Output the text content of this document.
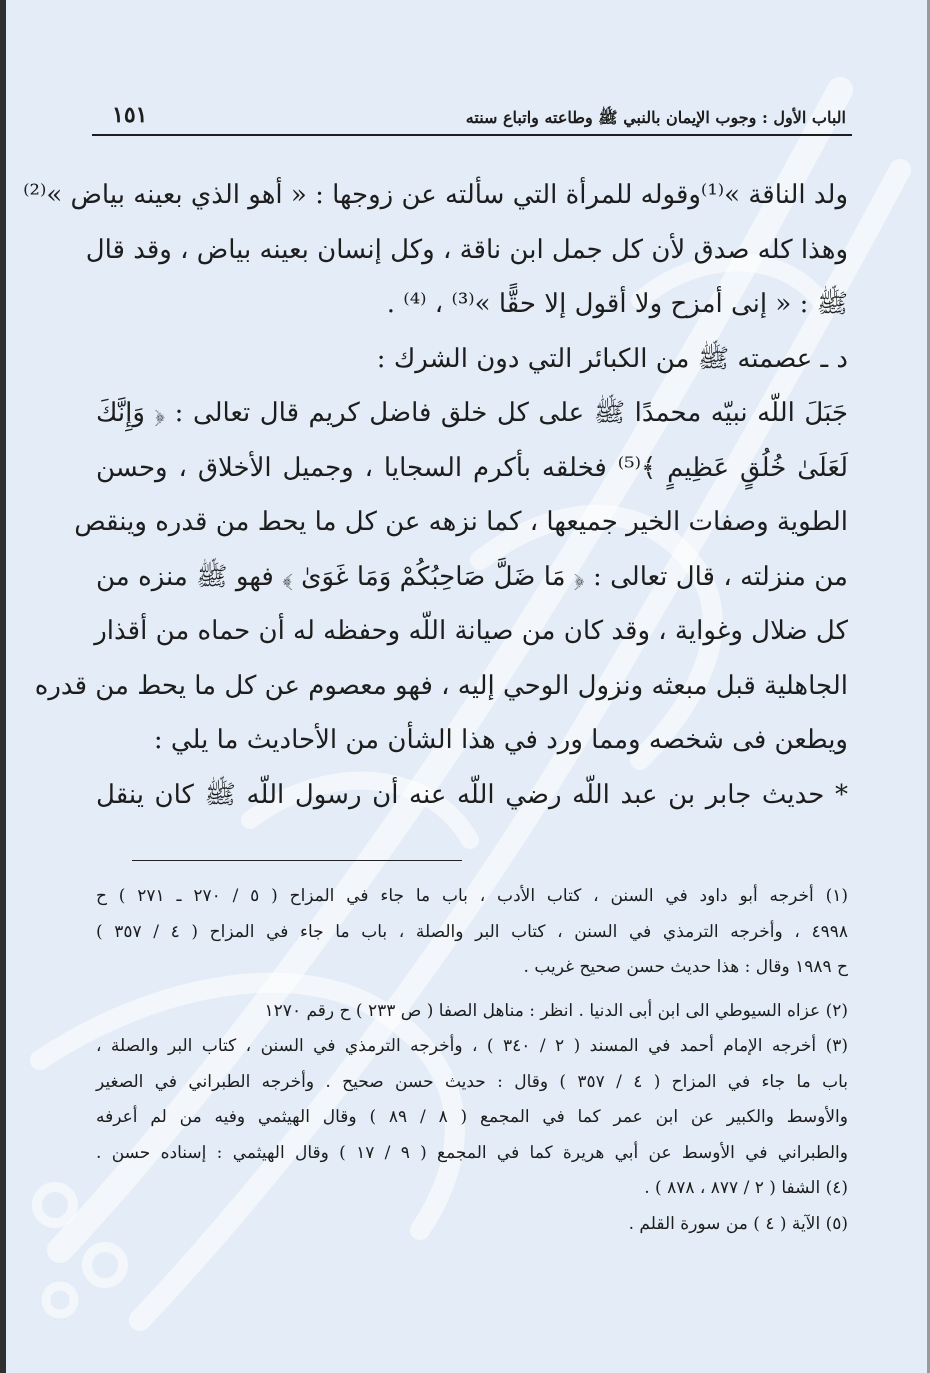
الباب الأول : وجوب الإيمان بالنبي ﷺ وطاعته واتباع سنته
١٥١
ولد الناقة »⁽¹⁾وقوله للمرأة التي سألته عن زوجها : « أهو الذي بعينه بياض »⁽²⁾
وهذا كله صدق لأن كل جمل ابن ناقة ، وكل إنسان بعينه بياض ، وقد قال
ﷺ : « إنى أمزح ولا أقول إلا حقًّا »⁽³⁾ ، ⁽⁴⁾ .
د ـ عصمته ﷺ من الكبائر التي دون الشرك :
جَبَلَ اللّه نبيّه محمدًا ﷺ على كل خلق فاضل كريم قال تعالى : ﴿ وَإِنَّكَ
لَعَلَىٰ خُلُقٍ عَظِيمٍ ﴾⁽⁵⁾ فخلقه بأكرم السجايا ، وجميل الأخلاق ، وحسن
الطوية وصفات الخير جميعها ، كما نزهه عن كل ما يحط من قدره وينقص
من منزلته ، قال تعالى : ﴿ مَا ضَلَّ صَاحِبُكُمْ وَمَا غَوَىٰ ﴾ فهو ﷺ منزه من
كل ضلال وغواية ، وقد كان من صيانة اللّه وحفظه له أن حماه من أقذار
الجاهلية قبل مبعثه ونزول الوحي إليه ، فهو معصوم عن كل ما يحط من قدره
ويطعن فى شخصه ومما ورد في هذا الشأن من الأحاديث ما يلي :
* حديث جابر بن عبد اللّه رضي اللّه عنه أن رسول اللّه ﷺ كان ينقل
(١) أخرجه أبو داود في السنن ، كتاب الأدب ، باب ما جاء في المزاح ( ٥ / ٢٧٠ ـ ٢٧١ ) ح
٤٩٩٨ ، وأخرجه الترمذي في السنن ، كتاب البر والصلة ، باب ما جاء في المزاح ( ٤ / ٣٥٧ )
ح ١٩٨٩ وقال : هذا حديث حسن صحيح غريب .
(٢) عزاه السيوطي الى ابن أبى الدنيا . انظر : مناهل الصفا ( ص ٢٣٣ ) ح رقم ١٢٧٠
(٣) أخرجه الإمام أحمد في المسند ( ٢ / ٣٤٠ ) ، وأخرجه الترمذي في السنن ، كتاب البر والصلة ،
باب ما جاء في المزاح ( ٤ / ٣٥٧ ) وقال : حديث حسن صحيح . وأخرجه الطبراني في الصغير
والأوسط والكبير عن ابن عمر كما في المجمع ( ٨ / ٨٩ ) وقال الهيثمي وفيه من لم أعرفه
والطبراني في الأوسط عن أبي هريرة كما في المجمع ( ٩ / ١٧ ) وقال الهيثمي : إسناده حسن .
(٤) الشفا ( ٢ / ٨٧٧ ، ٨٧٨ ) .
(٥) الآية ( ٤ ) من سورة القلم .
